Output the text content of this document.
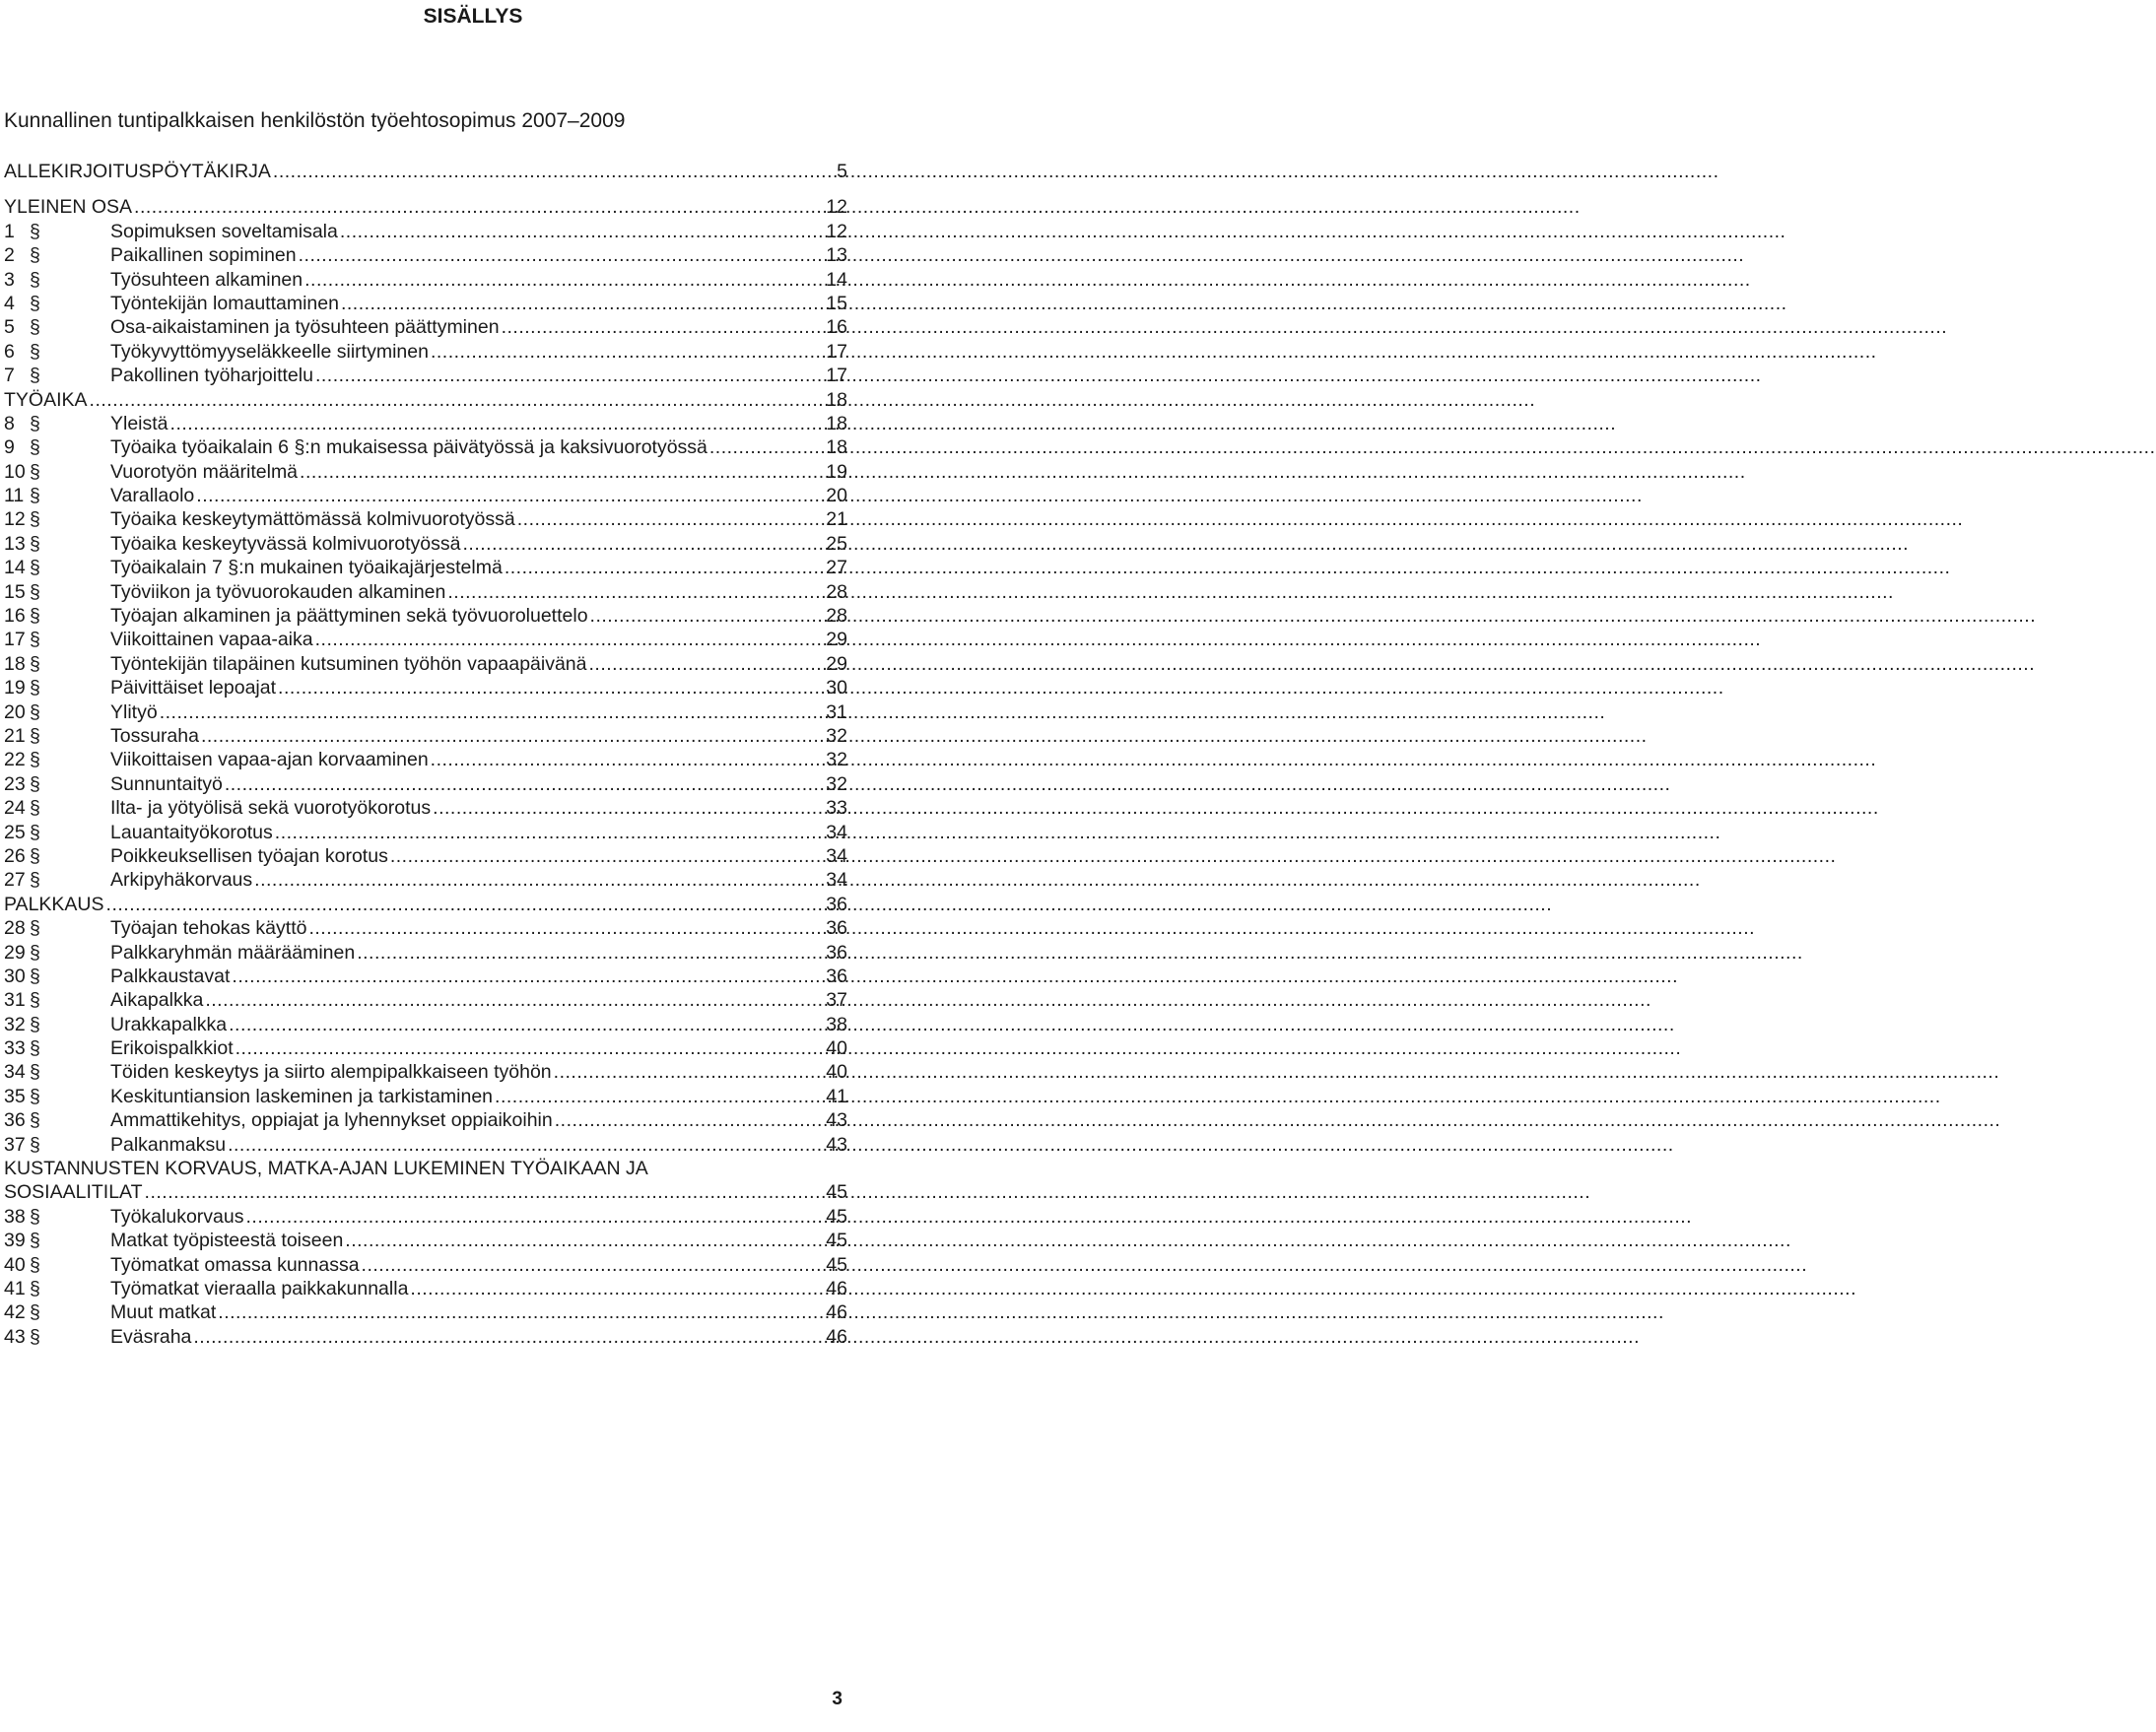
SISÄLLYS
Kunnallinen tuntipalkkaisen henkilöstön työehtosopimus 2007–2009
ALLEKIRJOITUSPÖYTÄKIRJA .....	5
YLEINEN OSA .....	12
1 §	Sopimuksen soveltamisala .....	12
2 §	Paikallinen sopiminen .....	13
3 §	Työsuhteen alkaminen .....	14
4 §	Työntekijän lomauttaminen .....	15
5 §	Osa-aikaistaminen ja työsuhteen päättyminen .....	16
6 §	Työkyvyttömyyseläkkeelle siirtyminen .....	17
7 §	Pakollinen työharjoittelu .....	17
TYÖAIKA .....	18
8 §	Yleistä .....	18
9 §	Työaika työaikalain 6 §:n mukaisessa päivätyössä ja kaksivuorotyössä .....	18
10 §	Vuorotyön määritelmä .....	19
11 §	Varallaolo .....	20
12 §	Työaika keskeytymättömässä kolmivuorotyössä .....	21
13 §	Työaika keskeytyvässä kolmivuorotyössä .....	25
14 §	Työaikalain 7 §:n mukainen työaikajärjestelmä .....	27
15 §	Työviikon ja työvuorokauden alkaminen .....	28
16 §	Työajan alkaminen ja päättyminen sekä työvuoroluettelo .....	28
17 §	Viikoittainen vapaa-aika .....	29
18 §	Työntekijän tilapäinen kutsuminen työhön vapaapäivänä .....	29
19 §	Päivittäiset lepoajat .....	30
20 §	Ylityö .....	31
21 §	Tossuraha .....	32
22 §	Viikoittaisen vapaa-ajan korvaaminen .....	32
23 §	Sunnuntaityö .....	32
24 §	Ilta- ja yötyölisä sekä vuorotyökorotus .....	33
25 §	Lauantaityökorotus .....	34
26 §	Poikkeuksellisen työajan korotus .....	34
27 §	Arkipyhäkorvaus .....	34
PALKKAUS .....	36
28 §	Työajan tehokas käyttö .....	36
29 §	Palkkaryhmän määrääminen .....	36
30 §	Palkkaustavat .....	36
31 §	Aikapalkka .....	37
32 §	Urakkapalkka .....	38
33 §	Erikoispalkkiot .....	40
34 §	Töiden keskeytys ja siirto alempipalkkaiseen työhön .....	40
35 §	Keskituntiansion laskeminen ja tarkistaminen .....	41
36 §	Ammattikehitys, oppiajat ja lyhennykset oppiaikoihin .....	43
37 §	Palkanmaksu .....	43
KUSTANNUSTEN KORVAUS, MATKA-AJAN LUKEMINEN TYÖAIKAAN JA
SOSIAALITILAT .....	45
38 §	Työkalukorvaus .....	45
39 §	Matkat työpisteestä toiseen .....	45
40 §	Työmatkat omassa kunnassa .....	45
41 §	Työmatkat vieraalla paikkakunnalla .....	46
42 §	Muut matkat .....	46
43 §	Eväsraha .....	46
3
